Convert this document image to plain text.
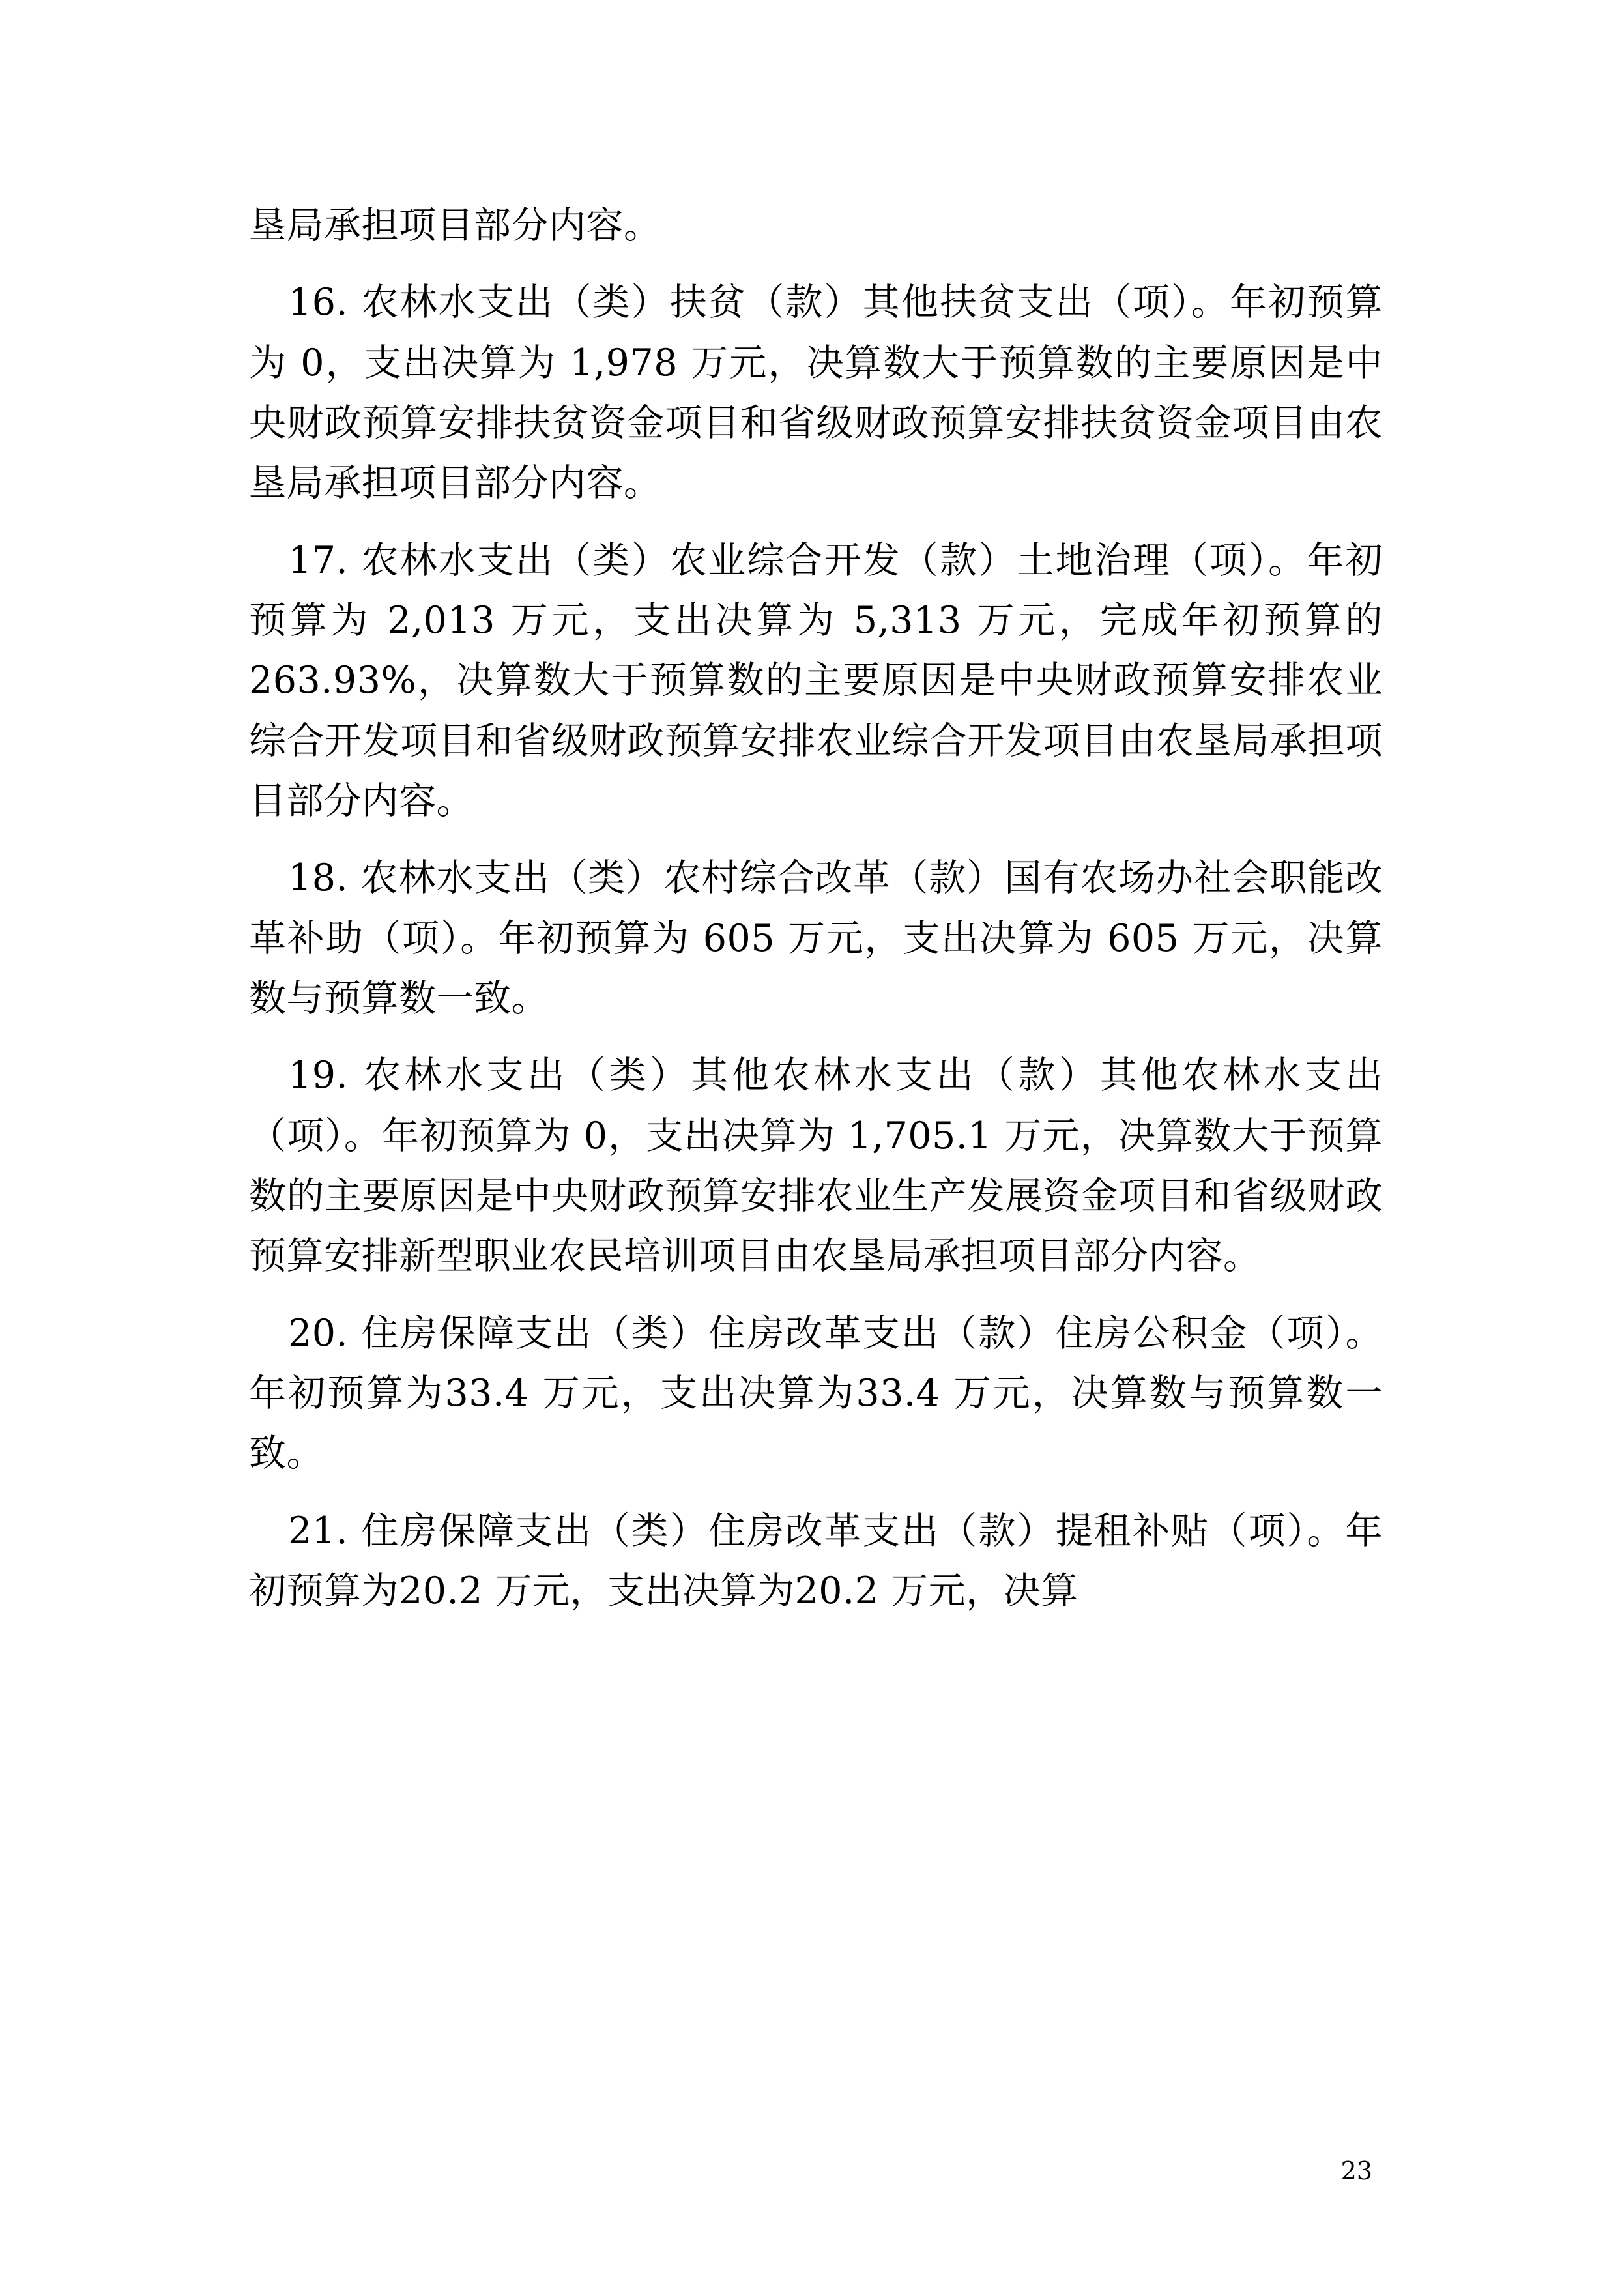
垦局承担项目部分内容。

16. 农林水支出（类）扶贫（款）其他扶贫支出（项）。年初预算为 0，支出决算为 1,978 万元，决算数大于预算数的主要原因是中央财政预算安排扶贫资金项目和省级财政预算安排扶贫资金项目由农垦局承担项目部分内容。

17. 农林水支出（类）农业综合开发（款）土地治理（项）。年初预算为 2,013 万元，支出决算为 5,313 万元，完成年初预算的 263.93%，决算数大于预算数的主要原因是中央财政预算安排农业综合开发项目和省级财政预算安排农业综合开发项目由农垦局承担项目部分内容。

18. 农林水支出（类）农村综合改革（款）国有农场办社会职能改革补助（项）。年初预算为 605 万元，支出决算为 605 万元，决算数与预算数一致。

19. 农林水支出（类）其他农林水支出（款）其他农林水支出（项）。年初预算为 0，支出决算为 1,705.1 万元，决算数大于预算数的主要原因是中央财政预算安排农业生产发展资金项目和省级财政预算安排新型职业农民培训项目由农垦局承担项目部分内容。

20. 住房保障支出（类）住房改革支出（款）住房公积金（项）。年初预算为33.4 万元，支出决算为33.4 万元，决算数与预算数一致。

21. 住房保障支出（类）住房改革支出（款）提租补贴（项）。年初预算为20.2 万元，支出决算为20.2 万元，决算

23
